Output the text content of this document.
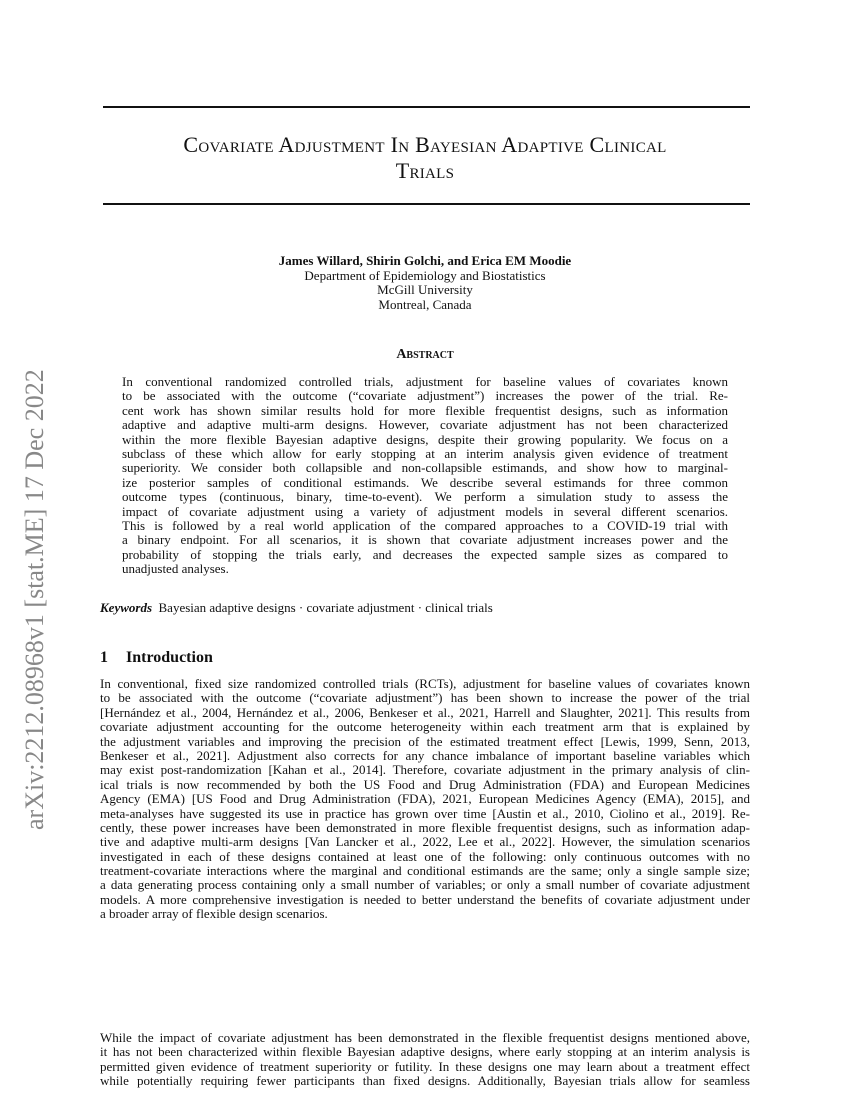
arXiv:2212.08968v1 [stat.ME] 17 Dec 2022
Covariate Adjustment In Bayesian Adaptive Clinical
Trials
James Willard, Shirin Golchi, and Erica EM Moodie
Department of Epidemiology and Biostatistics
McGill University
Montreal, Canada
Abstract
In conventional randomized controlled trials, adjustment for baseline values of covariates known
to be associated with the outcome (“covariate adjustment”) increases the power of the trial. Re-
cent work has shown similar results hold for more flexible frequentist designs, such as information
adaptive and adaptive multi-arm designs. However, covariate adjustment has not been characterized
within the more flexible Bayesian adaptive designs, despite their growing popularity. We focus on a
subclass of these which allow for early stopping at an interim analysis given evidence of treatment
superiority. We consider both collapsible and non-collapsible estimands, and show how to marginal-
ize posterior samples of conditional estimands. We describe several estimands for three common
outcome types (continuous, binary, time-to-event). We perform a simulation study to assess the
impact of covariate adjustment using a variety of adjustment models in several different scenarios.
This is followed by a real world application of the compared approaches to a COVID-19 trial with
a binary endpoint. For all scenarios, it is shown that covariate adjustment increases power and the
probability of stopping the trials early, and decreases the expected sample sizes as compared to
unadjusted analyses.
Keywords Bayesian adaptive designs · covariate adjustment · clinical trials
1 Introduction
In conventional, fixed size randomized controlled trials (RCTs), adjustment for baseline values of covariates known
to be associated with the outcome (“covariate adjustment”) has been shown to increase the power of the trial
[Hernández et al., 2004, Hernández et al., 2006, Benkeser et al., 2021, Harrell and Slaughter, 2021]. This results from
covariate adjustment accounting for the outcome heterogeneity within each treatment arm that is explained by
the adjustment variables and improving the precision of the estimated treatment effect [Lewis, 1999, Senn, 2013,
Benkeser et al., 2021]. Adjustment also corrects for any chance imbalance of important baseline variables which
may exist post-randomization [Kahan et al., 2014]. Therefore, covariate adjustment in the primary analysis of clin-
ical trials is now recommended by both the US Food and Drug Administration (FDA) and European Medicines
Agency (EMA) [US Food and Drug Administration (FDA), 2021, European Medicines Agency (EMA), 2015], and
meta-analyses have suggested its use in practice has grown over time [Austin et al., 2010, Ciolino et al., 2019]. Re-
cently, these power increases have been demonstrated in more flexible frequentist designs, such as information adap-
tive and adaptive multi-arm designs [Van Lancker et al., 2022, Lee et al., 2022]. However, the simulation scenarios
investigated in each of these designs contained at least one of the following: only continuous outcomes with no
treatment-covariate interactions where the marginal and conditional estimands are the same; only a single sample size;
a data generating process containing only a small number of variables; or only a small number of covariate adjustment
models. A more comprehensive investigation is needed to better understand the benefits of covariate adjustment under
a broader array of flexible design scenarios.
While the impact of covariate adjustment has been demonstrated in the flexible frequentist designs mentioned above,
it has not been characterized within flexible Bayesian adaptive designs, where early stopping at an interim analysis is
permitted given evidence of treatment superiority or futility. In these designs one may learn about a treatment effect
while potentially requiring fewer participants than fixed designs. Additionally, Bayesian trials allow for seamless
